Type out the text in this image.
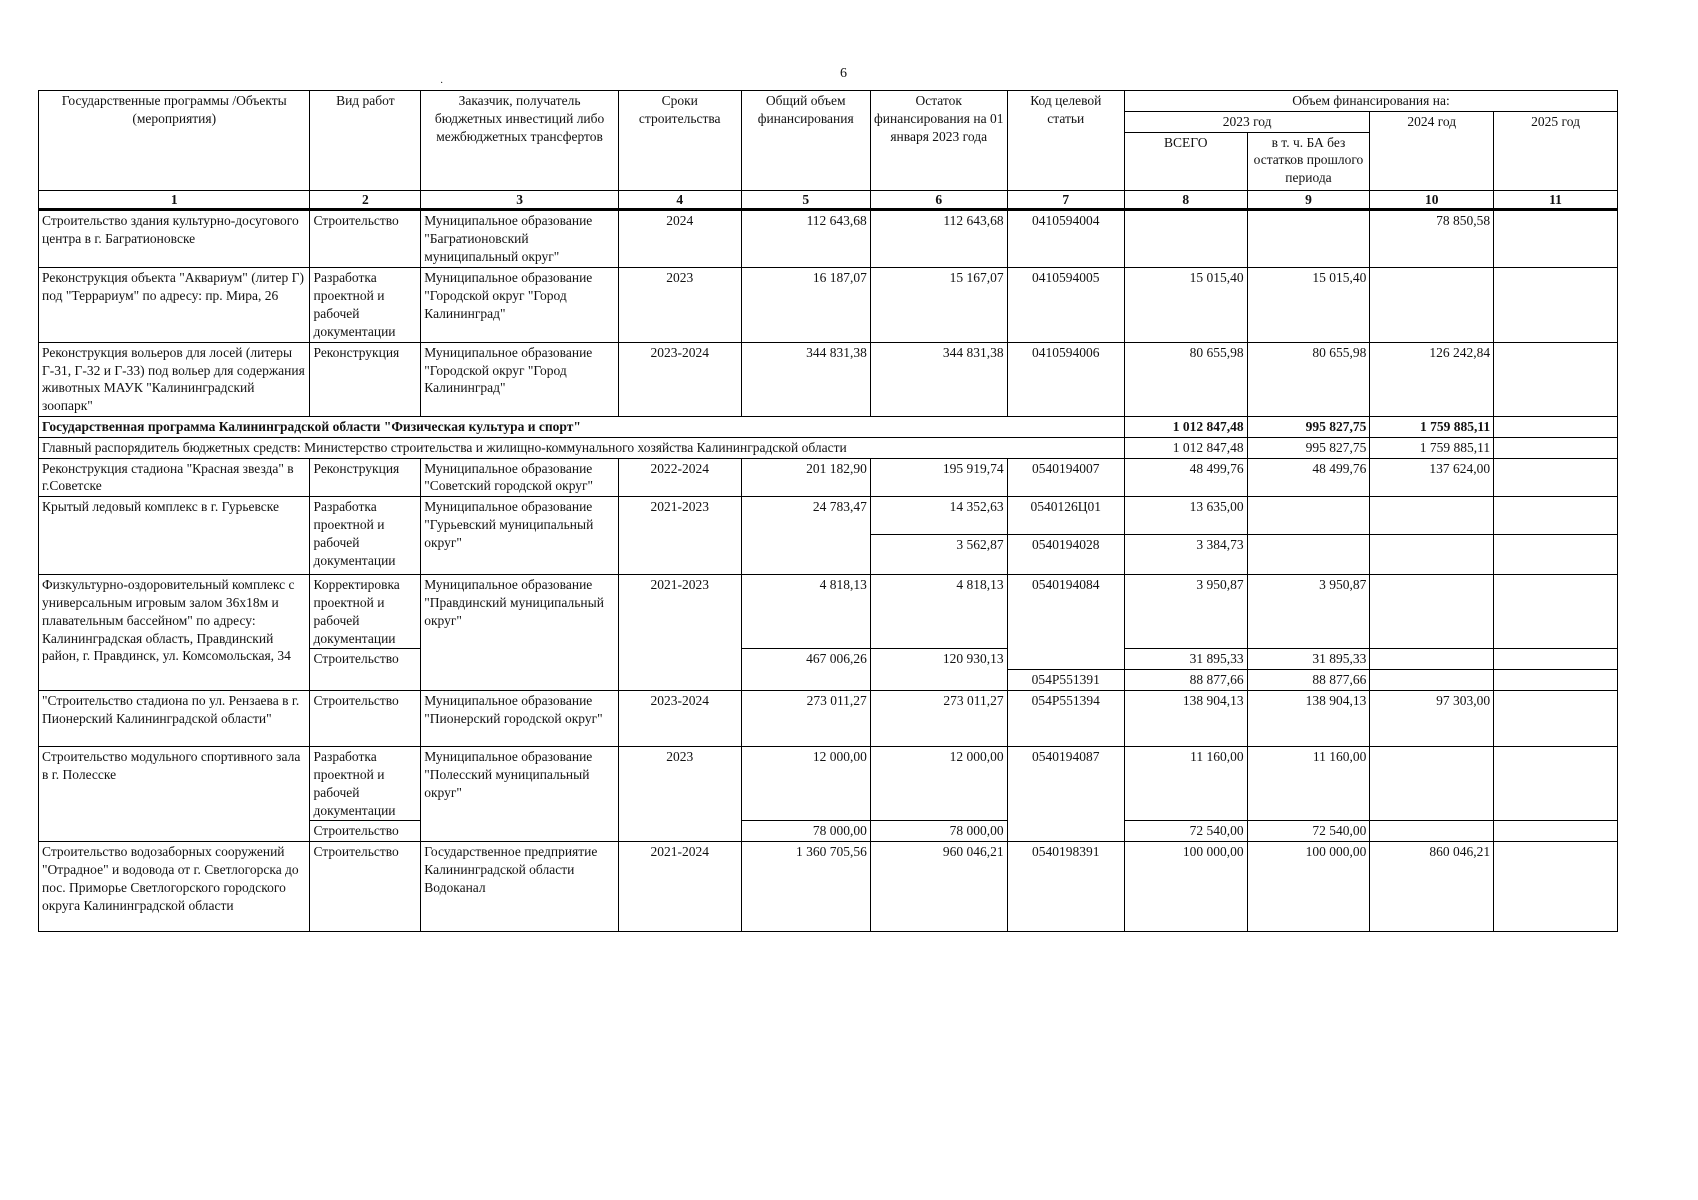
6
·
Государственные программы /Объекты (мероприятия)	Вид работ	Заказчик, получатель бюджетных инвестиций либо межбюджетных трансфертов	Сроки строительства	Общий объем финансирования	Остаток финансирования на 01 января 2023 года	Код целевой статьи	Объем финансирования на:			
							2023 год		2024 год	2025 год
							ВСЕГО	в т. ч. БА без остатков прошлого периода		
1	2	3	4	5	6	7	8	9	10	11
Строительство здания культурно-досугового центра в г. Багратионовске	Строительство	Муниципальное образование "Багратионовский муниципальный округ"	2024	112 643,68	112 643,68	0410594004			78 850,58	
Реконструкция объекта "Аквариум" (литер Г) под "Террариум" по адресу: пр. Мира, 26	Разработка проектной и рабочей документации	Муниципальное образование "Городской округ "Город Калининград"	2023	16 187,07	15 167,07	0410594005	15 015,40	15 015,40		
Реконструкция вольеров для лосей (литеры Г-31, Г-32 и Г-33) под вольер для содержания животных МАУК "Калининградский зоопарк"	Реконструкция	Муниципальное образование "Городской округ "Город Калининград"	2023-2024	344 831,38	344 831,38	0410594006	80 655,98	80 655,98	126 242,84	
Государственная программа Калининградской области "Физическая культура и спорт"							1 012 847,48	995 827,75	1 759 885,11	
Главный распорядитель бюджетных средств: Министерство строительства и жилищно-коммунального хозяйства Калининградской области							1 012 847,48	995 827,75	1 759 885,11	
Реконструкция стадиона "Красная звезда" в г.Советске	Реконструкция	Муниципальное образование "Советский городской округ"	2022-2024	201 182,90	195 919,74	0540194007	48 499,76	48 499,76	137 624,00	
Крытый ледовый комплекс в г. Гурьевске	Разработка проектной и рабочей документации	Муниципальное образование "Гурьевский муниципальный округ"	2021-2023	24 783,47	14 352,63	0540126Ц01	13 635,00			
					3 562,87	0540194028	3 384,73			
Физкультурно-оздоровительный комплекс с универсальным игровым залом 36х18м и плавательным бассейном" по адресу: Калининградская область, Правдинский район, г. Правдинск, ул. Комсомольская, 34	Корректировка проектной и рабочей документации	Муниципальное образование "Правдинский муниципальный округ"	2021-2023	4 818,13	4 818,13	0540194084	3 950,87	3 950,87		
	Строительство			467 006,26	120 930,13		31 895,33	31 895,33		
						054P551391	88 877,66	88 877,66		
"Строительство стадиона по ул. Рензаева в г. Пионерский Калининградской области"	Строительство	Муниципальное образование "Пионерский городской округ"	2023-2024	273 011,27	273 011,27	054P551394	138 904,13	138 904,13	97 303,00	
Строительство модульного спортивного зала в г. Полесске	Разработка проектной и рабочей документации	Муниципальное образование "Полесский муниципальный округ"	2023	12 000,00	12 000,00	0540194087	11 160,00	11 160,00		
	Строительство			78 000,00	78 000,00		72 540,00	72 540,00		
Строительство водозаборных сооружений "Отрадное" и водовода от г. Светлогорска до пос. Приморье Светлогорского городского округа Калининградской области	Строительство	Государственное предприятие Калининградской области Водоканал	2021-2024	1 360 705,56	960 046,21	0540198391	100 000,00	100 000,00	860 046,21	
